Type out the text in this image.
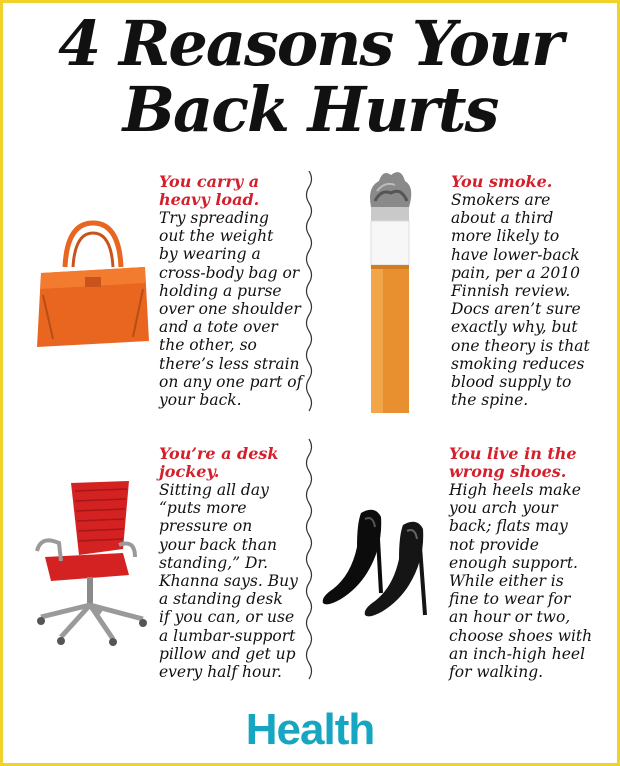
4 Reasons Your
Back Hurts

You carry a
heavy load.

Try spreading
out the weight
by wearing a
cross-body bag or
holding a purse
over one shoulder
and a tote over
the other, so
there’s less strain
on any one part of
your back.

You smoke.

Smokers are
about a third
more likely to
have lower-back
pain, per a 2010
Finnish review.
Docs aren’t sure
exactly why, but
one theory is that
smoking reduces
blood supply to
the spine.

You’re a desk
jockey.

Sitting all day
“puts more
pressure on
your back than
standing,” Dr.
Khanna says. Buy
a standing desk
if you can, or use
a lumbar-support
pillow and get up
every half hour.

You live in the
wrong shoes.

High heels make
you arch your
back; flats may
not provide
enough support.
While either is
fine to wear for
an hour or two,
choose shoes with
an inch-high heel
for walking.

Health
